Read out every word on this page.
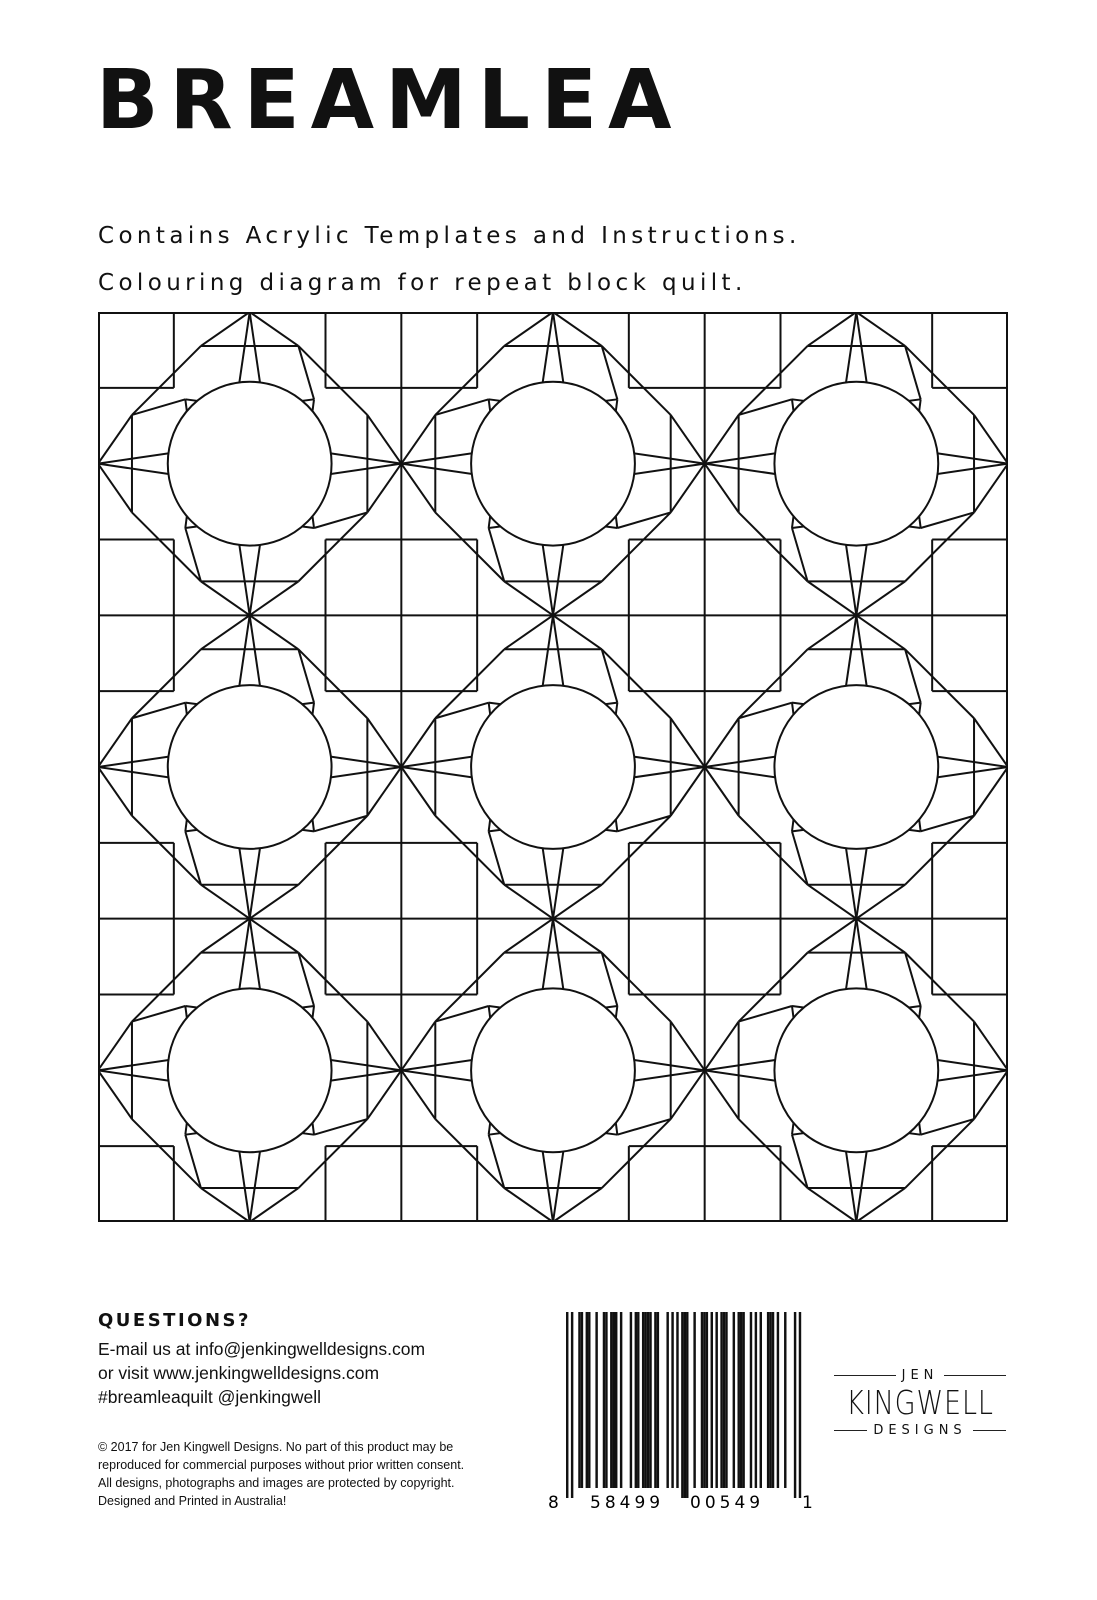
BREAMLEA

Contains Acrylic Templates and Instructions.

Colouring diagram for repeat block quilt.

QUESTIONS?

E-mail us at info@jenkingwelldesigns.com

or visit www.jenkingwelldesigns.com

#breamleaquilt @jenkingwell

© 2017 for Jen Kingwell Designs. No part of this product may be

reproduced for commercial purposes without prior written consent.

All designs, photographs and images are protected by copyright.

Designed and Printed in Australia!	8 58499 00549 1
JEN
KINGWELL
DESIGNS
